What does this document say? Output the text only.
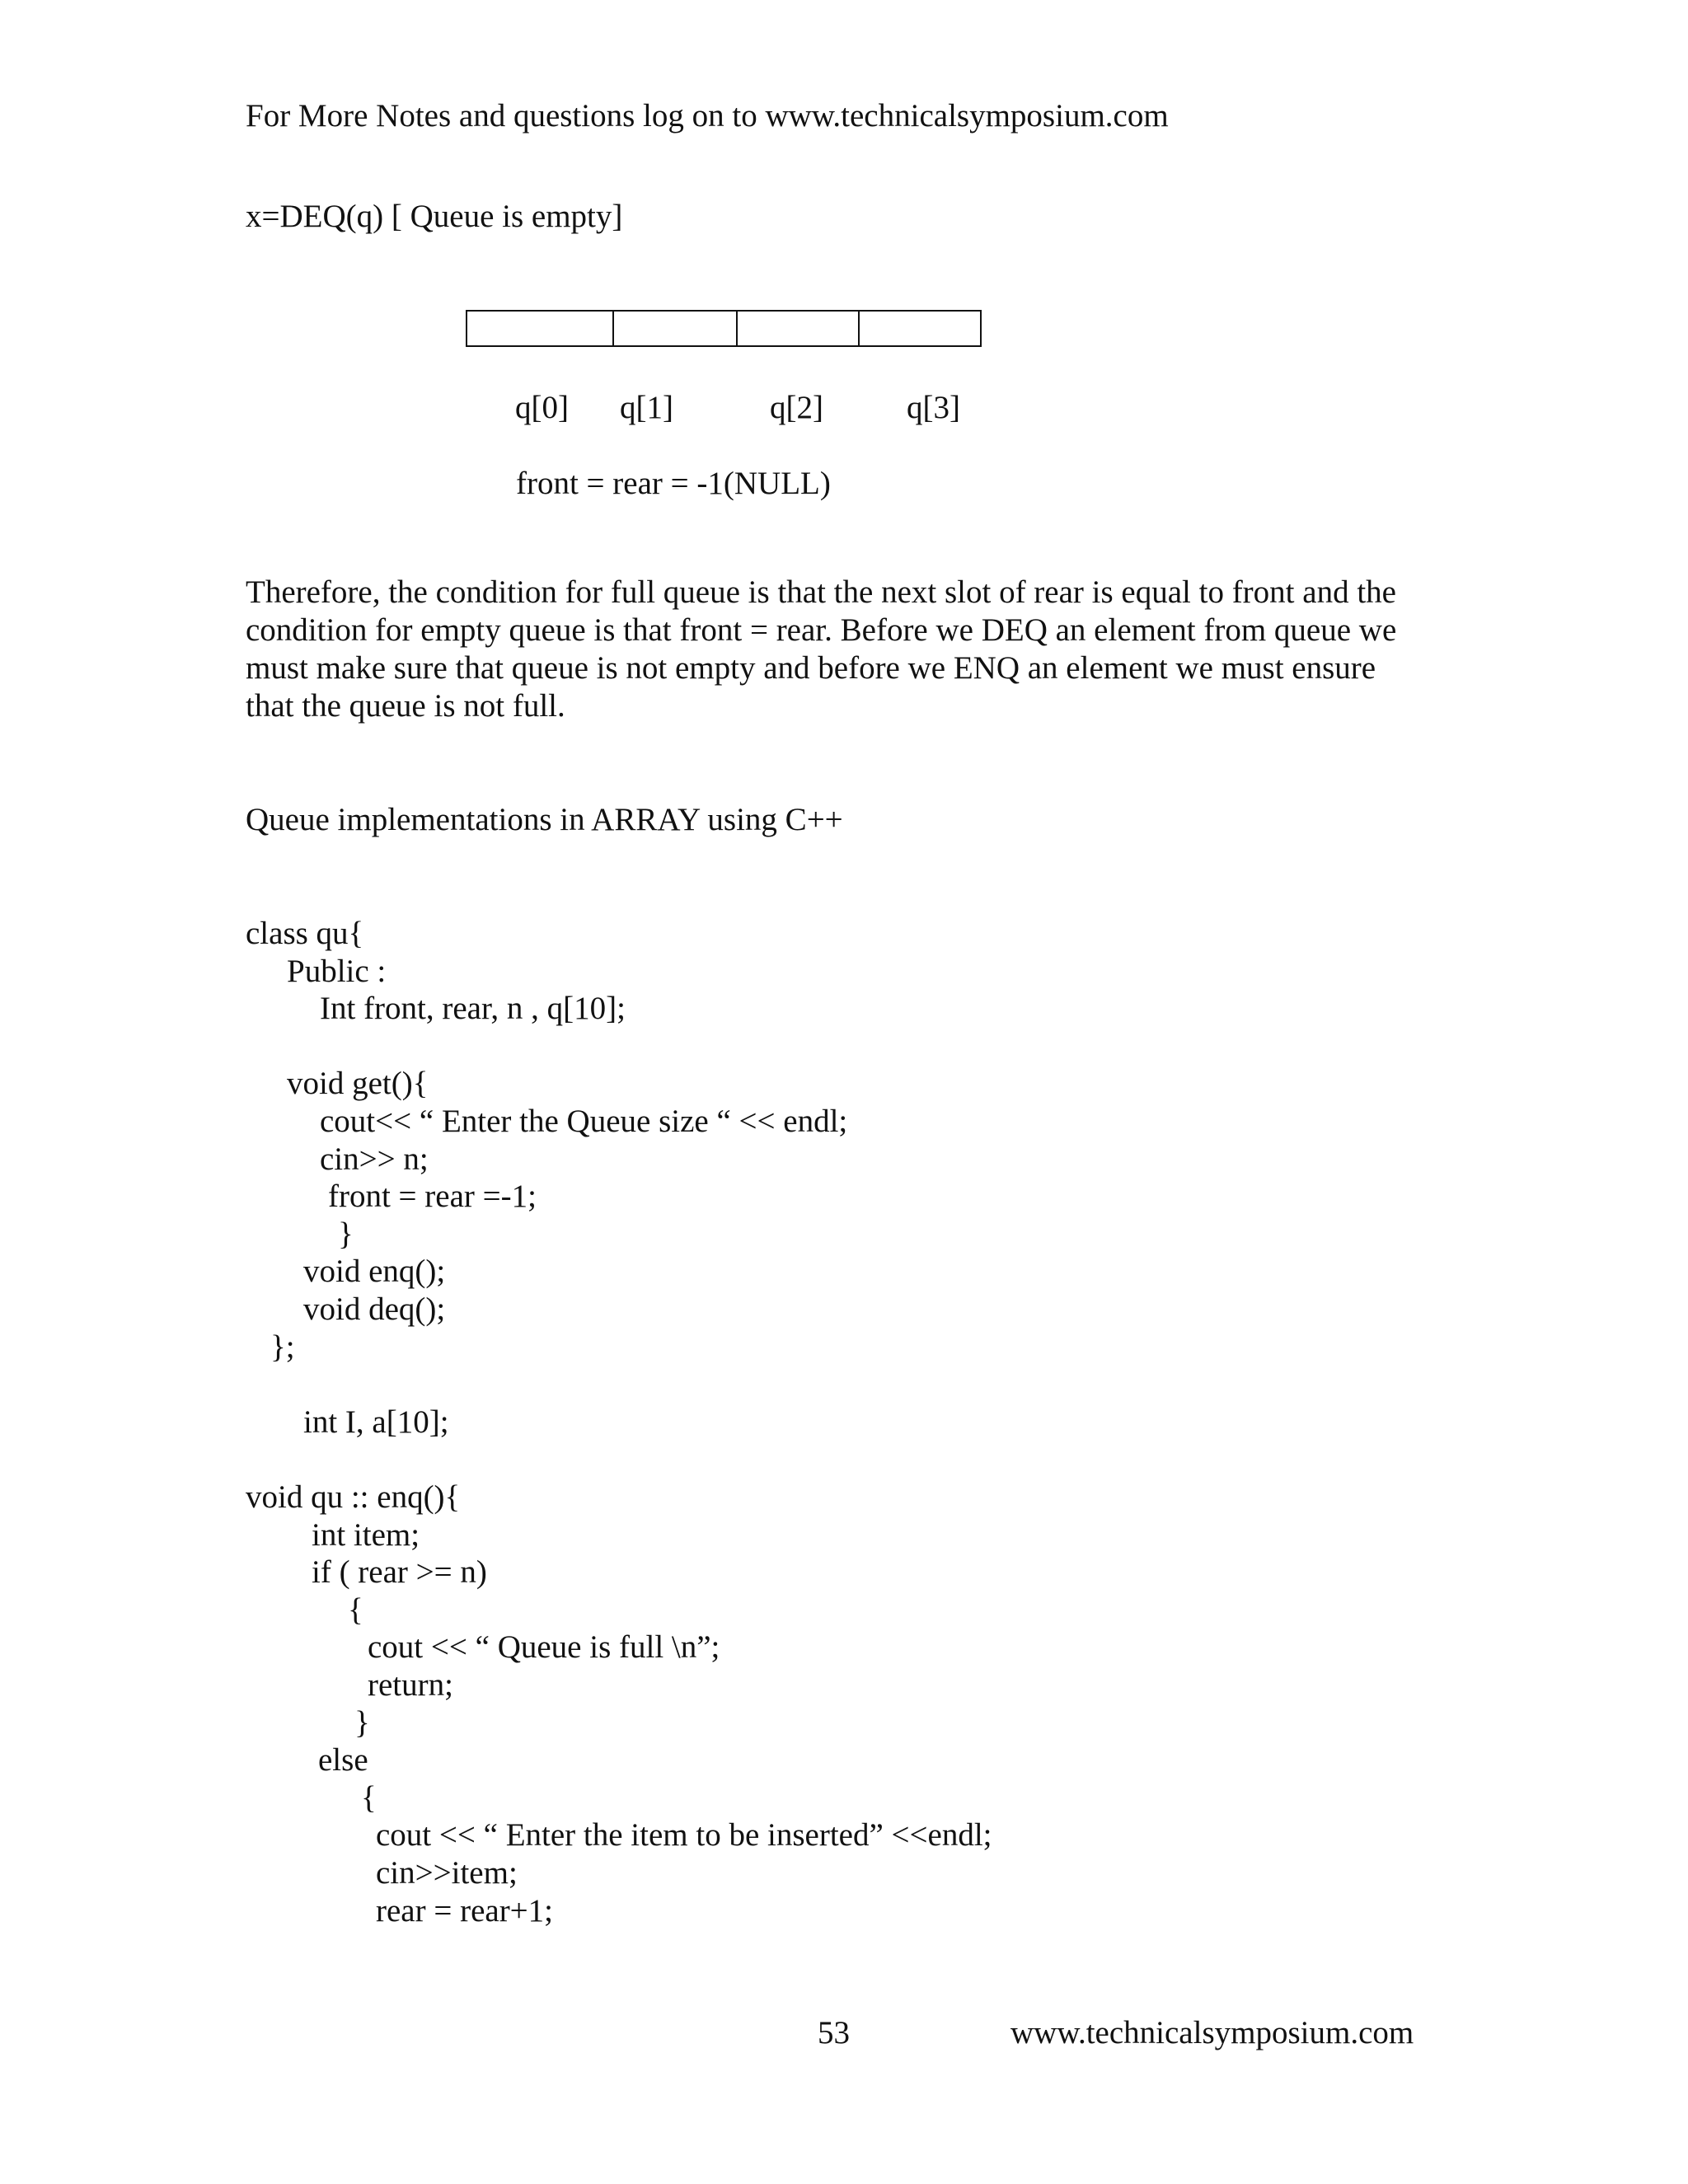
For More Notes and questions log on to www.technicalsymposium.com

x=DEQ(q) [ Queue is empty]

q[0] q[1]	q[2]	q[3]

front = rear = -1(NULL)

Therefore, the condition for full queue is that the next slot of rear is equal to front and the
condition for empty queue is that front = rear. Before we DEQ an element from queue we
must make sure that queue is not empty and before we ENQ an element we must ensure
that the queue is not full.

Queue implementations in ARRAY using C++

class qu{

Public :

Int front, rear, n , q[10];

void get(){

cout<< “ Enter the Queue size “ << endl;

cin>> n;

front = rear =-1;

}

void enq();

void deq();

};

int I, a[10];

void qu :: enq(){

int item;

if ( rear >= n)

{

cout << “ Queue is full \n”;

return;

}

else

{

cout << “ Enter the item to be inserted” <<endl;

cin>>item;

rear = rear+1;

53	www.technicalsymposium.com
